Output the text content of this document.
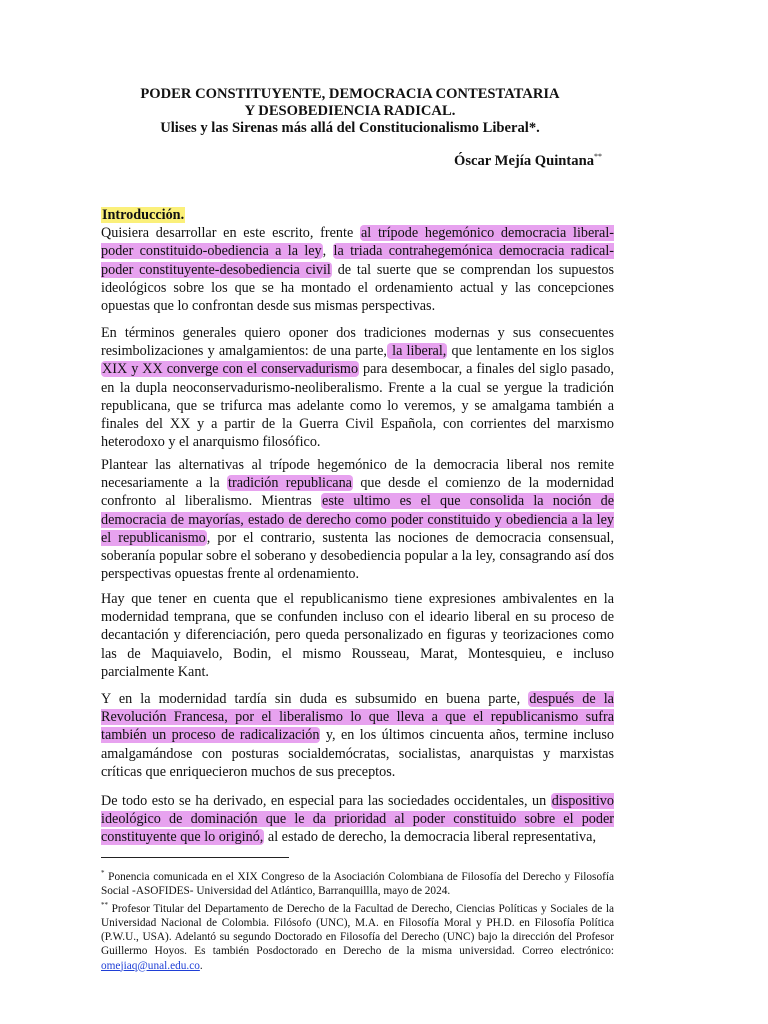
PODER CONSTITUYENTE, DEMOCRACIA CONTESTATARIA
Y DESOBEDIENCIA RADICAL.
Ulises y las Sirenas más allá del Constitucionalismo Liberal*.
Óscar Mejía Quintana**
Introducción.
Quisiera desarrollar en este escrito, frente al trípode hegemónico democracia liberal-poder constituido-obediencia a la ley, la triada contrahegemónica democracia radical-poder constituyente-desobediencia civil de tal suerte que se comprendan los supuestos ideológicos sobre los que se ha montado el ordenamiento actual y las concepciones opuestas que lo confrontan desde sus mismas perspectivas.
En términos generales quiero oponer dos tradiciones modernas y sus consecuentes resimbolizaciones y amalgamientos: de una parte, la liberal, que lentamente en los siglos XIX y XX converge con el conservadurismo para desembocar, a finales del siglo pasado, en la dupla neoconservadurismo-neoliberalismo. Frente a la cual se yergue la tradición republicana, que se trifurca mas adelante como lo veremos, y se amalgama también a finales del XX y a partir de la Guerra Civil Española, con corrientes del marxismo heterodoxo y el anarquismo filosófico.
Plantear las alternativas al trípode hegemónico de la democracia liberal nos remite necesariamente a la tradición republicana que desde el comienzo de la modernidad confronto al liberalismo. Mientras este ultimo es el que consolida la noción de democracia de mayorías, estado de derecho como poder constituido y obediencia a la ley el republicanismo, por el contrario, sustenta las nociones de democracia consensual, soberanía popular sobre el soberano y desobediencia popular a la ley, consagrando así dos perspectivas opuestas frente al ordenamiento.
Hay que tener en cuenta que el republicanismo tiene expresiones ambivalentes en la modernidad temprana, que se confunden incluso con el ideario liberal en su proceso de decantación y diferenciación, pero queda personalizado en figuras y teorizaciones como las de Maquiavelo, Bodin, el mismo Rousseau, Marat, Montesquieu, e incluso parcialmente Kant.
Y en la modernidad tardía sin duda es subsumido en buena parte, después de la Revolución Francesa, por el liberalismo lo que lleva a que el republicanismo sufra también un proceso de radicalización y, en los últimos cincuenta años, termine incluso amalgamándose con posturas socialdemócratas, socialistas, anarquistas y marxistas críticas que enriquecieron muchos de sus preceptos.
De todo esto se ha derivado, en especial para las sociedades occidentales, un dispositivo ideológico de dominación que le da prioridad al poder constituido sobre el poder constituyente que lo originó, al estado de derecho, la democracia liberal representativa,
* Ponencia comunicada en el XIX Congreso de la Asociación Colombiana de Filosofía del Derecho y Filosofía Social -ASOFIDES- Universidad del Atlántico, Barranquillla, mayo de 2024.
** Profesor Titular del Departamento de Derecho de la Facultad de Derecho, Ciencias Políticas y Sociales de la Universidad Nacional de Colombia. Filósofo (UNC), M.A. en Filosofía Moral y PH.D. en Filosofía Política (P.W.U., USA). Adelantó su segundo Doctorado en Filosofía del Derecho (UNC) bajo la dirección del Profesor Guillermo Hoyos. Es también Posdoctorado en Derecho de la misma universidad. Correo electrónico: omejiaq@unal.edu.co.
